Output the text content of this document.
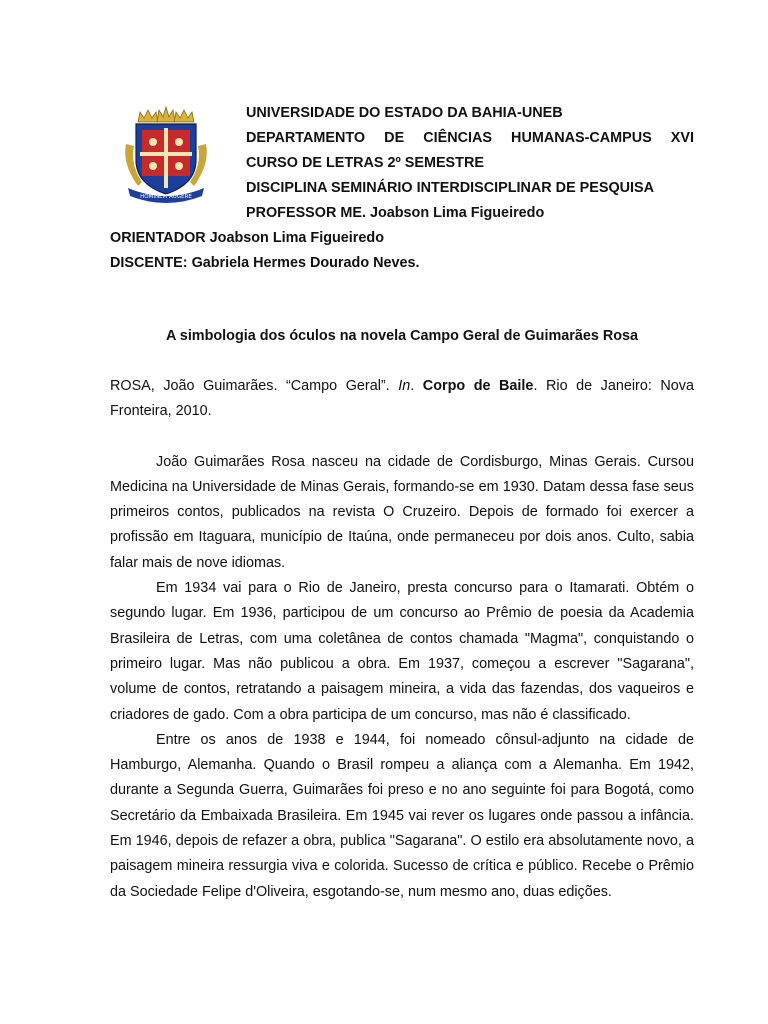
HOMINEM AUGERE
UNIVERSIDADE DO ESTADO DA BAHIA-UNEB
DEPARTAMENTO DE CIÊNCIAS HUMANAS-CAMPUS XVI
CURSO DE LETRAS 2º SEMESTRE
DISCIPLINA SEMINÁRIO INTERDISCIPLINAR DE PESQUISA
PROFESSOR ME. Joabson Lima Figueiredo
ORIENTADOR Joabson Lima Figueiredo
DISCENTE: Gabriela Hermes Dourado Neves.
A simbologia dos óculos na novela Campo Geral de Guimarães Rosa

ROSA, João Guimarães. “Campo Geral”. In. Corpo de Baile. Rio de Janeiro: Nova Fronteira, 2010.

João Guimarães Rosa nasceu na cidade de Cordisburgo, Minas Gerais. Cursou Medicina na Universidade de Minas Gerais, formando-se em 1930. Datam dessa fase seus primeiros contos, publicados na revista O Cruzeiro. Depois de formado foi exercer a profissão em Itaguara, município de Itaúna, onde permaneceu por dois anos. Culto, sabia falar mais de nove idiomas.

Em 1934 vai para o Rio de Janeiro, presta concurso para o Itamarati. Obtém o segundo lugar. Em 1936, participou de um concurso ao Prêmio de poesia da Academia Brasileira de Letras, com uma coletânea de contos chamada "Magma", conquistando o primeiro lugar. Mas não publicou a obra. Em 1937, começou a escrever "Sagarana", volume de contos, retratando a paisagem mineira, a vida das fazendas, dos vaqueiros e criadores de gado. Com a obra participa de um concurso, mas não é classificado.

Entre os anos de 1938 e 1944, foi nomeado cônsul-adjunto na cidade de Hamburgo, Alemanha. Quando o Brasil rompeu a aliança com a Alemanha. Em 1942, durante a Segunda Guerra, Guimarães foi preso e no ano seguinte foi para Bogotá, como Secretário da Embaixada Brasileira. Em 1945 vai rever os lugares onde passou a infância. Em 1946, depois de refazer a obra, publica "Sagarana". O estilo era absolutamente novo, a paisagem mineira ressurgia viva e colorida. Sucesso de crítica e público. Recebe o Prêmio da Sociedade Felipe d'Oliveira, esgotando-se, num mesmo ano, duas edições.
